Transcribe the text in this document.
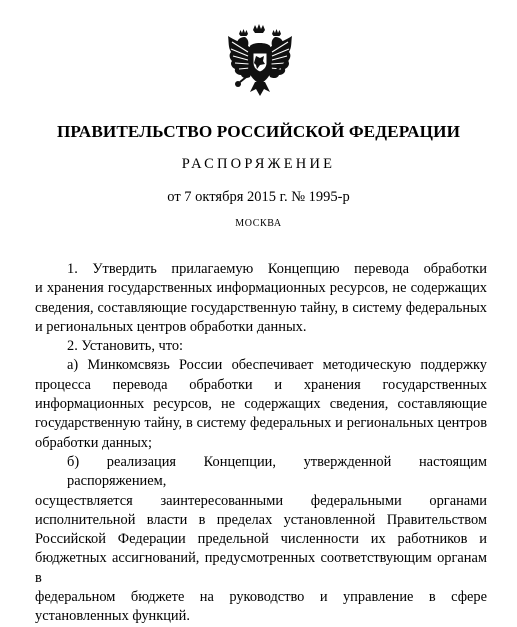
ПРАВИТЕЛЬСТВО РОССИЙСКОЙ ФЕДЕРАЦИИ
РАСПОРЯЖЕНИЕ
от 7 октября 2015 г. № 1995-р
МОСКВА
1. Утвердить прилагаемую Концепцию перевода обработки
и хранения государственных информационных ресурсов, не содержащих
сведения, составляющие государственную тайну, в систему федеральных
и региональных центров обработки данных.
2. Установить, что:
а) Минкомсвязь России обеспечивает методическую поддержку
процесса перевода обработки и хранения государственных
информационных ресурсов, не содержащих сведения, составляющие
государственную тайну, в систему федеральных и региональных центров
обработки данных;
б) реализация Концепции, утвержденной настоящим распоряжением,
осуществляется заинтересованными федеральными органами
исполнительной власти в пределах установленной Правительством
Российской Федерации предельной численности их работников и
бюджетных ассигнований, предусмотренных соответствующим органам в
федеральном бюджете на руководство и управление в сфере
установленных функций.
